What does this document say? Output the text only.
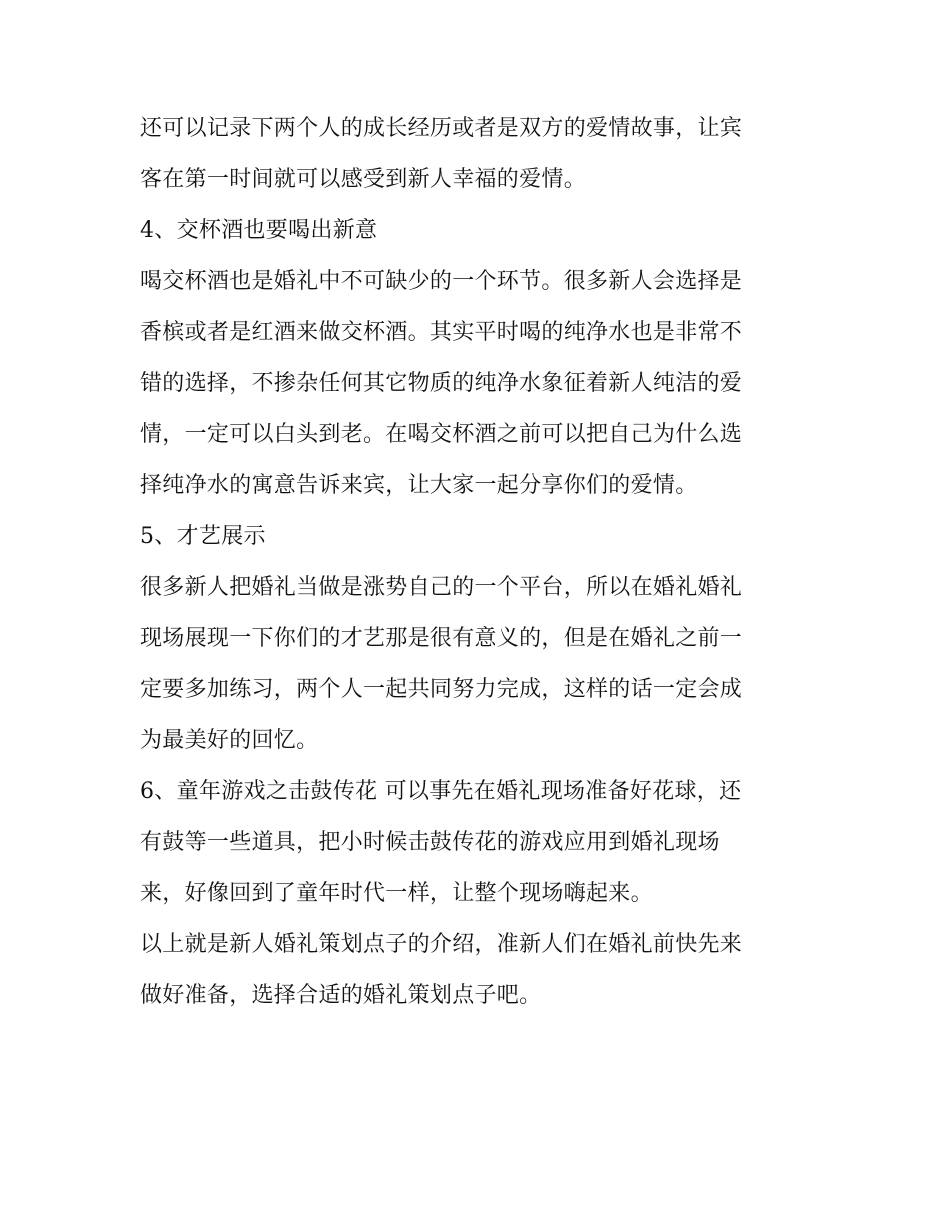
还可以记录下两个人的成长经历或者是双方的爱情故事，让宾
客在第一时间就可以感受到新人幸福的爱情。
4、交杯酒也要喝出新意
喝交杯酒也是婚礼中不可缺少的一个环节。很多新人会选择是
香槟或者是红酒来做交杯酒。其实平时喝的纯净水也是非常不
错的选择，不掺杂任何其它物质的纯净水象征着新人纯洁的爱
情，一定可以白头到老。在喝交杯酒之前可以把自己为什么选
择纯净水的寓意告诉来宾，让大家一起分享你们的爱情。
5、才艺展示
很多新人把婚礼当做是涨势自己的一个平台，所以在婚礼婚礼
现场展现一下你们的才艺那是很有意义的，但是在婚礼之前一
定要多加练习，两个人一起共同努力完成，这样的话一定会成
为最美好的回忆。
6、童年游戏之击鼓传花 可以事先在婚礼现场准备好花球，还
有鼓等一些道具，把小时候击鼓传花的游戏应用到婚礼现场
来，好像回到了童年时代一样，让整个现场嗨起来。
以上就是新人婚礼策划点子的介绍，准新人们在婚礼前快先来
做好准备，选择合适的婚礼策划点子吧。
